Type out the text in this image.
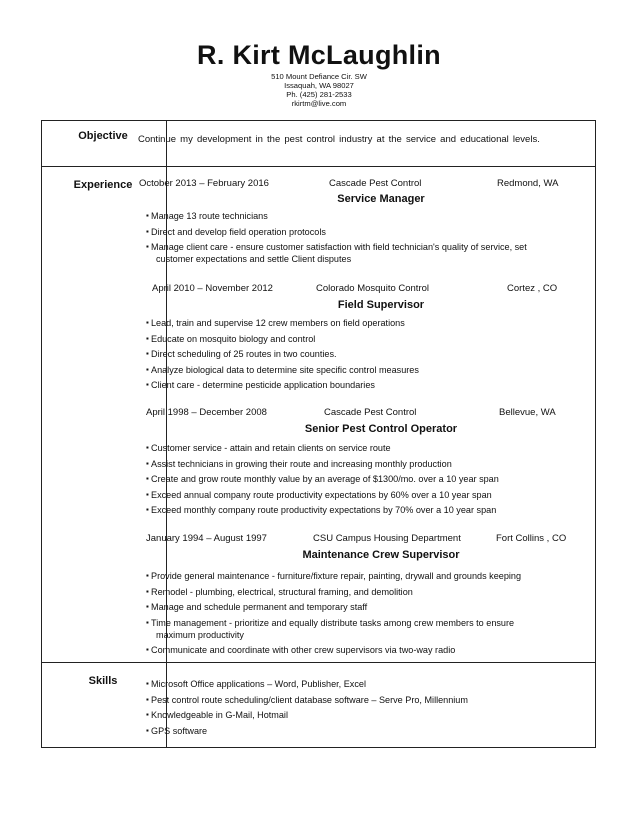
R. Kirt McLaughlin
510 Mount Defiance Cir. SW
Issaquah, WA 98027
Ph. (425) 281-2533
rkirtm@live.com
Objective
Experience
Skills
Continue my development in the pest control industry at the service and educational levels.
October 2013 – February 2016	Cascade Pest Control	Redmond, WA
Service Manager
▪ Manage 13 route technicians
▪ Direct and develop field operation protocols
▪ Manage client care - ensure customer satisfaction with field technician's quality of service, set
customer expectations and settle Client disputes
April 2010 – November 2012	Colorado Mosquito Control	Cortez , CO
Field Supervisor
▪ Lead, train and supervise 12 crew members on field operations
▪ Educate on mosquito biology and control
▪ Direct scheduling of 25 routes in two counties.
▪ Analyze biological data to determine site specific control measures
▪ Client care - determine pesticide application boundaries
April 1998 – December 2008	Cascade Pest Control	Bellevue, WA
Senior Pest Control Operator
▪ Customer service - attain and retain clients on service route
▪ Assist technicians in growing their route and increasing monthly production
▪ Create and grow route monthly value by an average of $1300/mo. over a 10 year span
▪ Exceed annual company route productivity expectations by 60% over a 10 year span
▪ Exceed monthly company route productivity expectations by 70% over a 10 year span
January 1994 – August 1997	CSU Campus Housing Department	Fort Collins , CO
Maintenance Crew Supervisor
▪ Provide general maintenance - furniture/fixture repair, painting, drywall and grounds keeping
▪ Remodel - plumbing, electrical, structural framing, and demolition
▪ Manage and schedule permanent and temporary staff
▪ Time management - prioritize and equally distribute tasks among crew members to ensure
maximum productivity
▪ Communicate and coordinate with other crew supervisors via two-way radio
▪ Microsoft Office applications – Word, Publisher, Excel
▪ Pest control route scheduling/client database software – Serve Pro, Millennium
▪ Knowledgeable in G-Mail, Hotmail
▪ GPS software
